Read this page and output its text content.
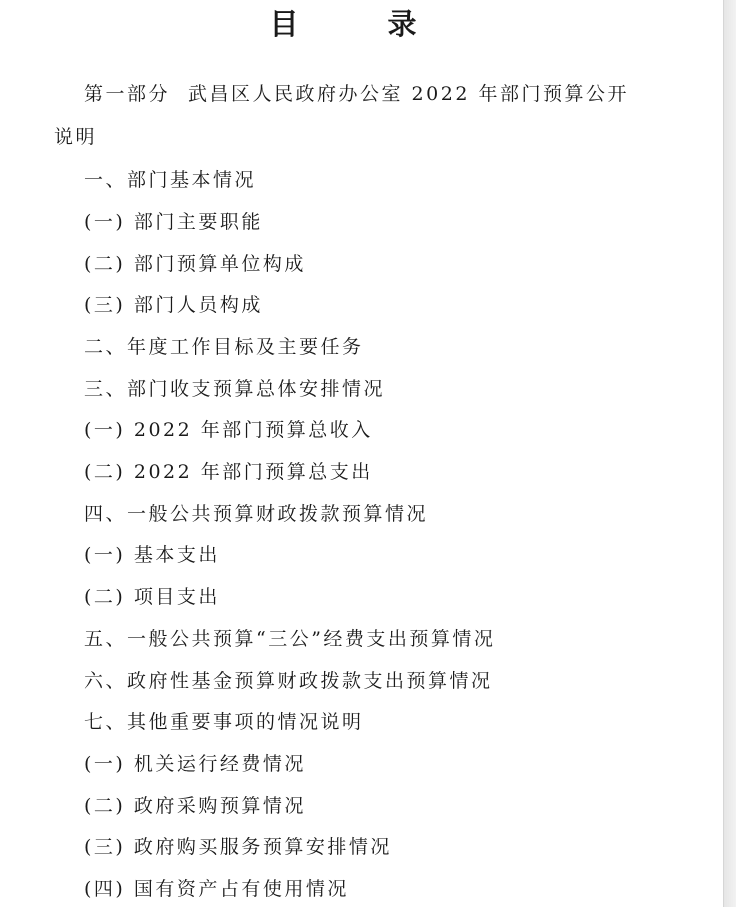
目　录
第一部分 武昌区人民政府办公室 2022 年部门预算公开
说明
一、部门基本情况
(一) 部门主要职能
(二) 部门预算单位构成
(三) 部门人员构成
二、年度工作目标及主要任务
三、部门收支预算总体安排情况
(一) 2022 年部门预算总收入
(二) 2022 年部门预算总支出
四、一般公共预算财政拨款预算情况
(一) 基本支出
(二) 项目支出
五、一般公共预算“三公”经费支出预算情况
六、政府性基金预算财政拨款支出预算情况
七、其他重要事项的情况说明
(一) 机关运行经费情况
(二) 政府采购预算情况
(三) 政府购买服务预算安排情况
(四) 国有资产占有使用情况
